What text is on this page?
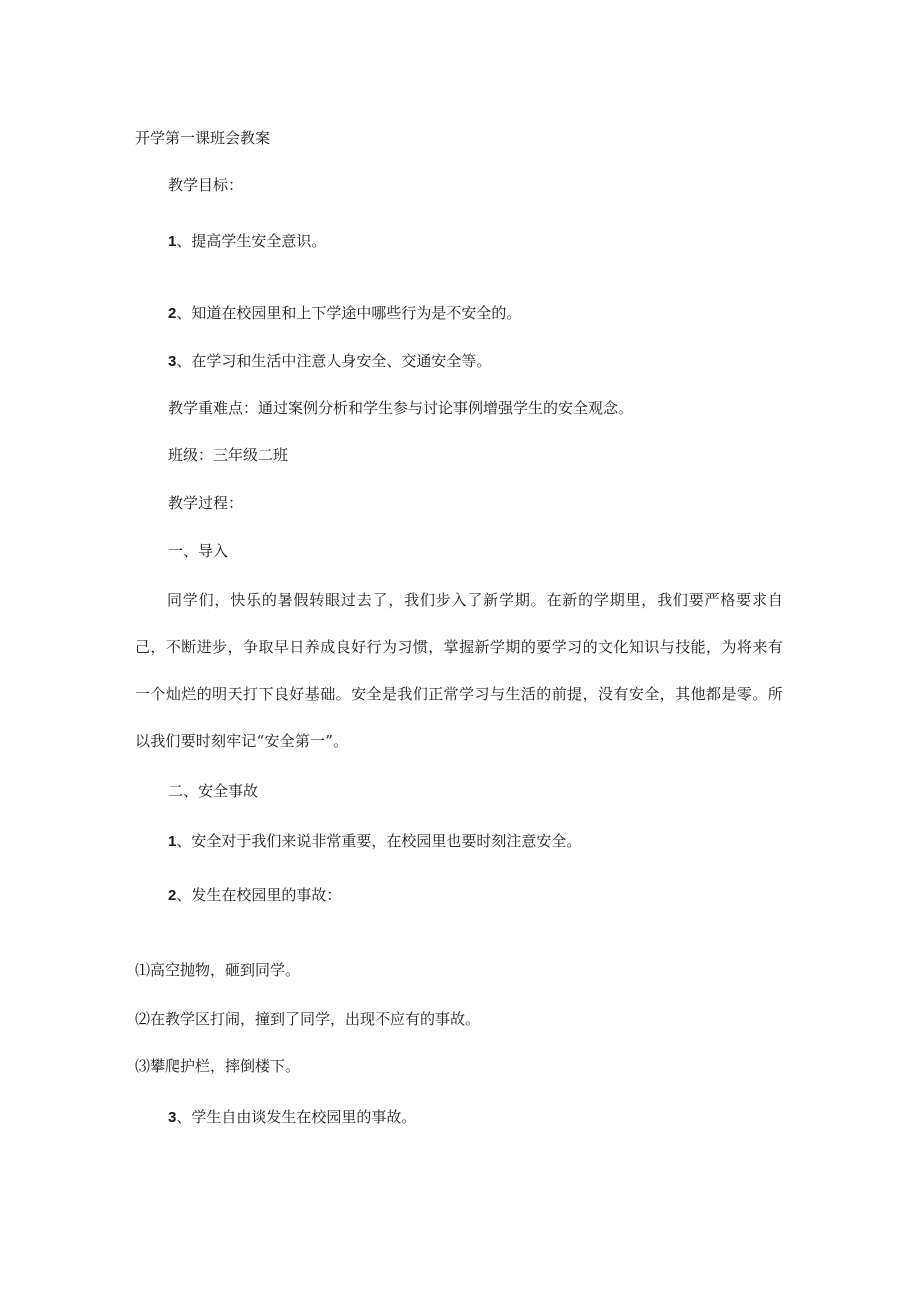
开学第一课班会教案

教学目标：

1、提高学生安全意识。

2、知道在校园里和上下学途中哪些行为是不安全的。

3、在学习和生活中注意人身安全、交通安全等。

教学重难点：通过案例分析和学生参与讨论事例增强学生的安全观念。

班级：三年级二班

教学过程：

一、导入

同学们，快乐的暑假转眼过去了，我们步入了新学期。在新的学期里，我们要严格要求自己，不断进步，争取早日养成良好行为习惯，掌握新学期的要学习的文化知识与技能，为将来有一个灿烂的明天打下良好基础。安全是我们正常学习与生活的前提，没有安全，其他都是零。所以我们要时刻牢记“安全第一”。

二、安全事故

1、安全对于我们来说非常重要，在校园里也要时刻注意安全。

2、发生在校园里的事故：

⑴高空抛物，砸到同学。

⑵在教学区打闹，撞到了同学，出现不应有的事故。

⑶攀爬护栏，摔倒楼下。

3、学生自由谈发生在校园里的事故。
